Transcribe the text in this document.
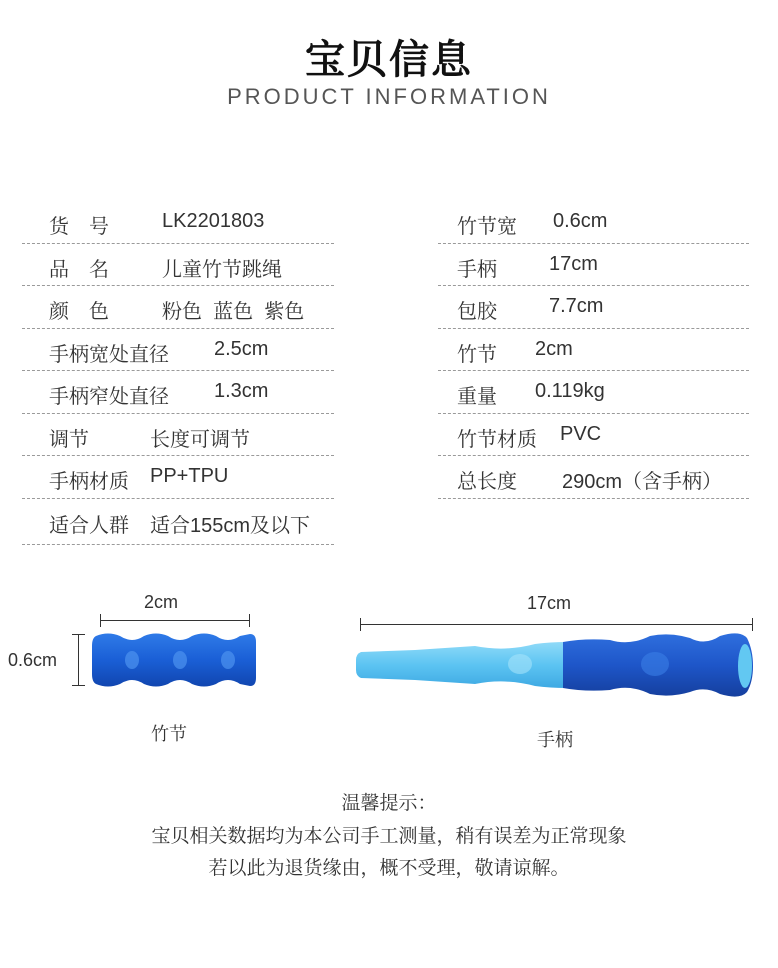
宝贝信息
PRODUCT INFORMATION
货　号	LK2201803
品　名	儿童竹节跳绳
颜　色	粉色  蓝色  紫色
手柄宽处直径 2.5cm
手柄窄处直径 1.3cm
调节	长度可调节
手柄材质 PP+TPU
适合人群 适合155cm及以下
竹节宽 0.6cm
手柄	17cm
包胶	7.7cm
竹节 2cm
重量 0.119kg
竹节材质 PVC
总长度 290cm（含手柄）
2cm
0.6cm
竹节
17cm
手柄
温馨提示：
宝贝相关数据均为本公司手工测量，稍有误差为正常现象
若以此为退货缘由，概不受理，敬请谅解。
